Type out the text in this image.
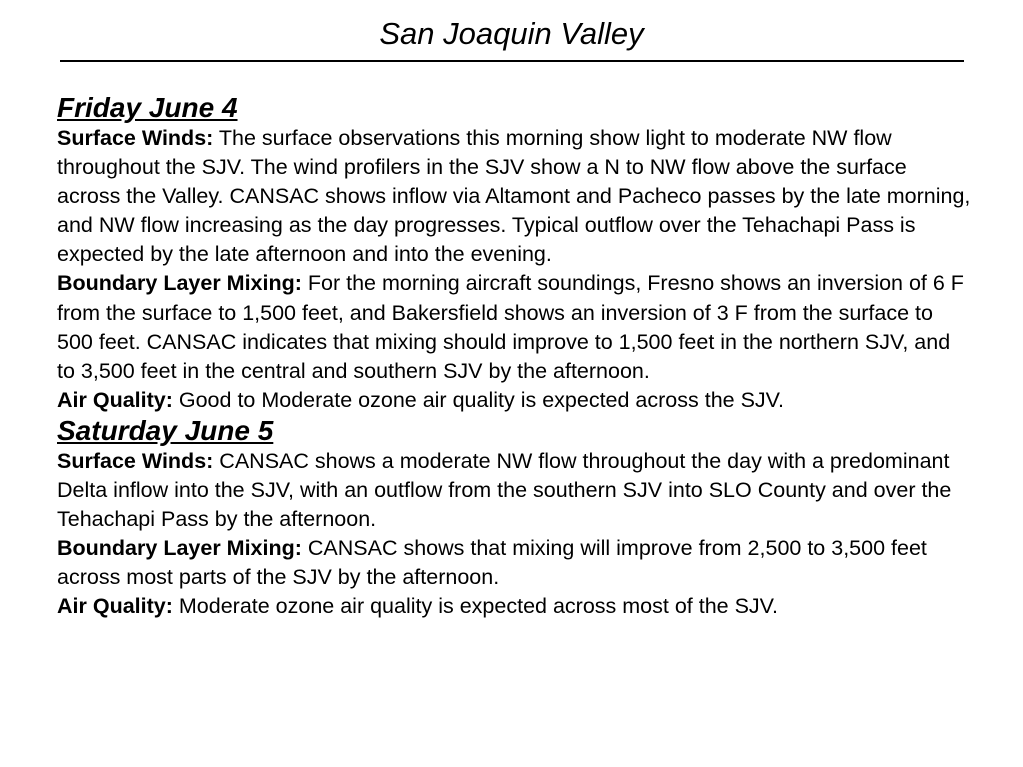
San Joaquin Valley
Friday June 4

Surface Winds: The surface observations this morning show light to moderate NW flow throughout the SJV. The wind profilers in the SJV show a N to NW flow above the surface across the Valley. CANSAC shows inflow via Altamont and Pacheco passes by the late morning, and NW flow increasing as the day progresses. Typical outflow over the Tehachapi Pass is expected by the late afternoon and into the evening.

Boundary Layer Mixing: For the morning aircraft soundings, Fresno shows an inversion of 6 F from the surface to 1,500 feet, and Bakersfield shows an inversion of 3 F from the surface to 500 feet. CANSAC indicates that mixing should improve to 1,500 feet in the northern SJV, and to 3,500 feet in the central and southern SJV by the afternoon.

Air Quality: Good to Moderate ozone air quality is expected across the SJV.

Saturday June 5

Surface Winds: CANSAC shows a moderate NW flow throughout the day with a predominant Delta inflow into the SJV, with an outflow from the southern SJV into SLO County and over the Tehachapi Pass by the afternoon.

Boundary Layer Mixing: CANSAC shows that mixing will improve from 2,500 to 3,500 feet across most parts of the SJV by the afternoon.

Air Quality: Moderate ozone air quality is expected across most of the SJV.
